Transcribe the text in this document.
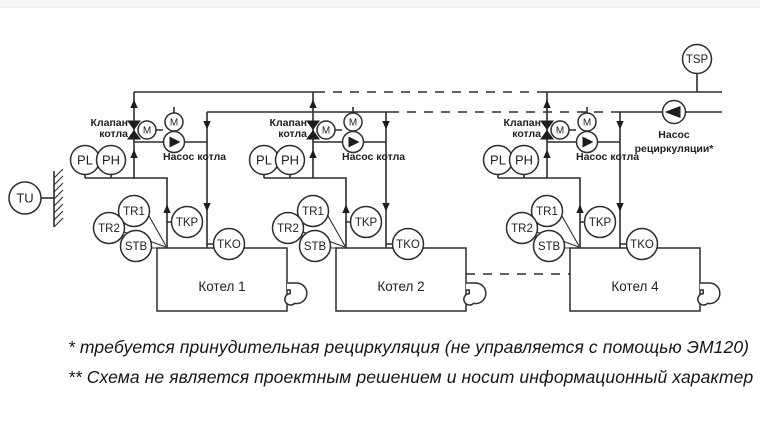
TSP
Насос
рециркуляции*
TU
M
M
Клапан
котла
Насос котла
Котел 1
PL PH
TR1
TR2
STB
TKP
TKO
M
M
Клапан
котла
Насос котла
Котел 2
PL PH
TR1
TR2
STB
TKP
TKO
M
M
Клапан
котла
Насос котла
Котел 4
PL PH
TR1
TR2
STB
TKP
TKO
* требуется принудительная рециркуляция (не управляется с помощью ЭМ120)
** Схема не является проектным решением и носит информационный характер
